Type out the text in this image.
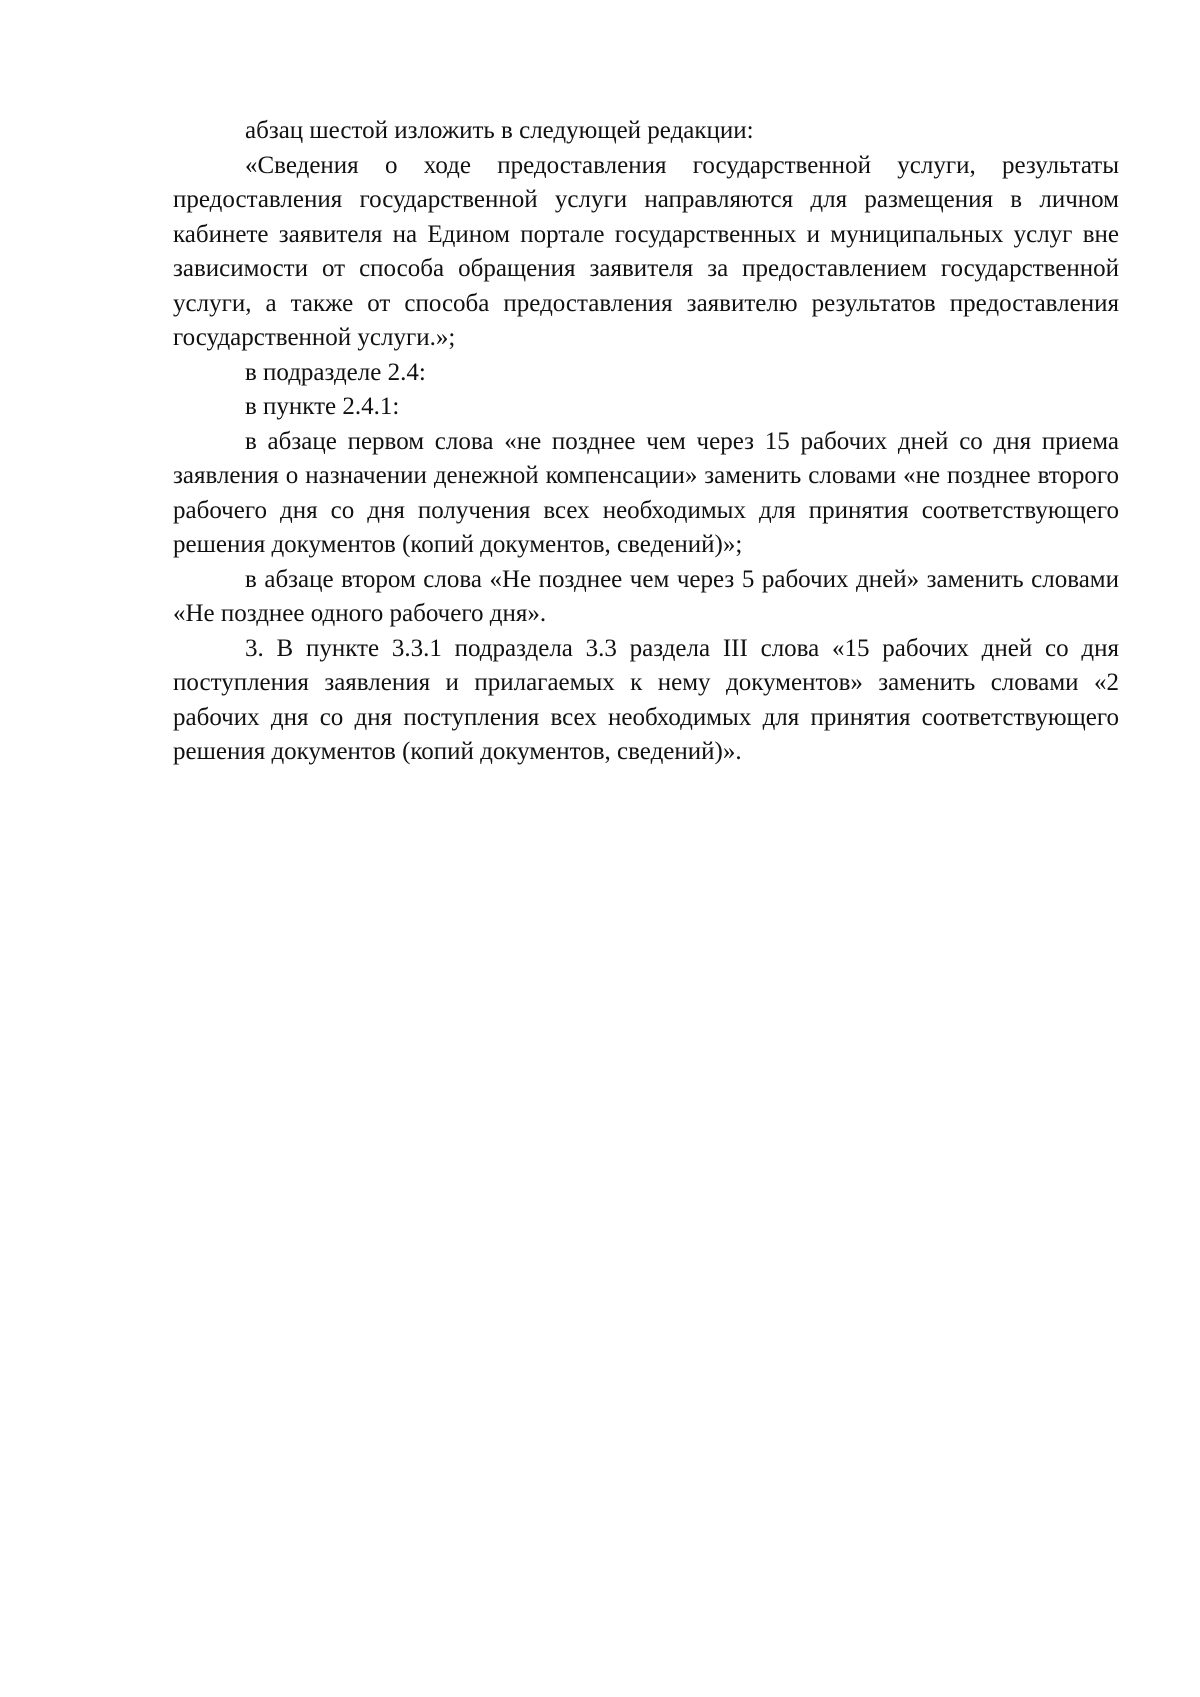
абзац шестой изложить в следующей редакции:

«Сведения о ходе предоставления государственной услуги, результаты предоставления государственной услуги направляются для размещения в личном кабинете заявителя на Едином портале государственных и муниципальных услуг вне зависимости от способа обращения заявителя за предоставлением государственной услуги, а также от способа предоставления заявителю результатов предоставления государственной услуги.»;

в подразделе 2.4:

в пункте 2.4.1:

в абзаце первом слова «не позднее чем через 15 рабочих дней со дня приема заявления о назначении денежной компенсации» заменить словами «не позднее второго рабочего дня со дня получения всех необходимых для принятия соответствующего решения документов (копий документов, сведений)»;

в абзаце втором слова «Не позднее чем через 5 рабочих дней» заменить словами «Не позднее одного рабочего дня».

3. В пункте 3.3.1 подраздела 3.3 раздела III слова «15 рабочих дней со дня поступления заявления и прилагаемых к нему документов» заменить словами «2 рабочих дня со дня поступления всех необходимых для принятия соответствующего решения документов (копий документов, сведений)».
